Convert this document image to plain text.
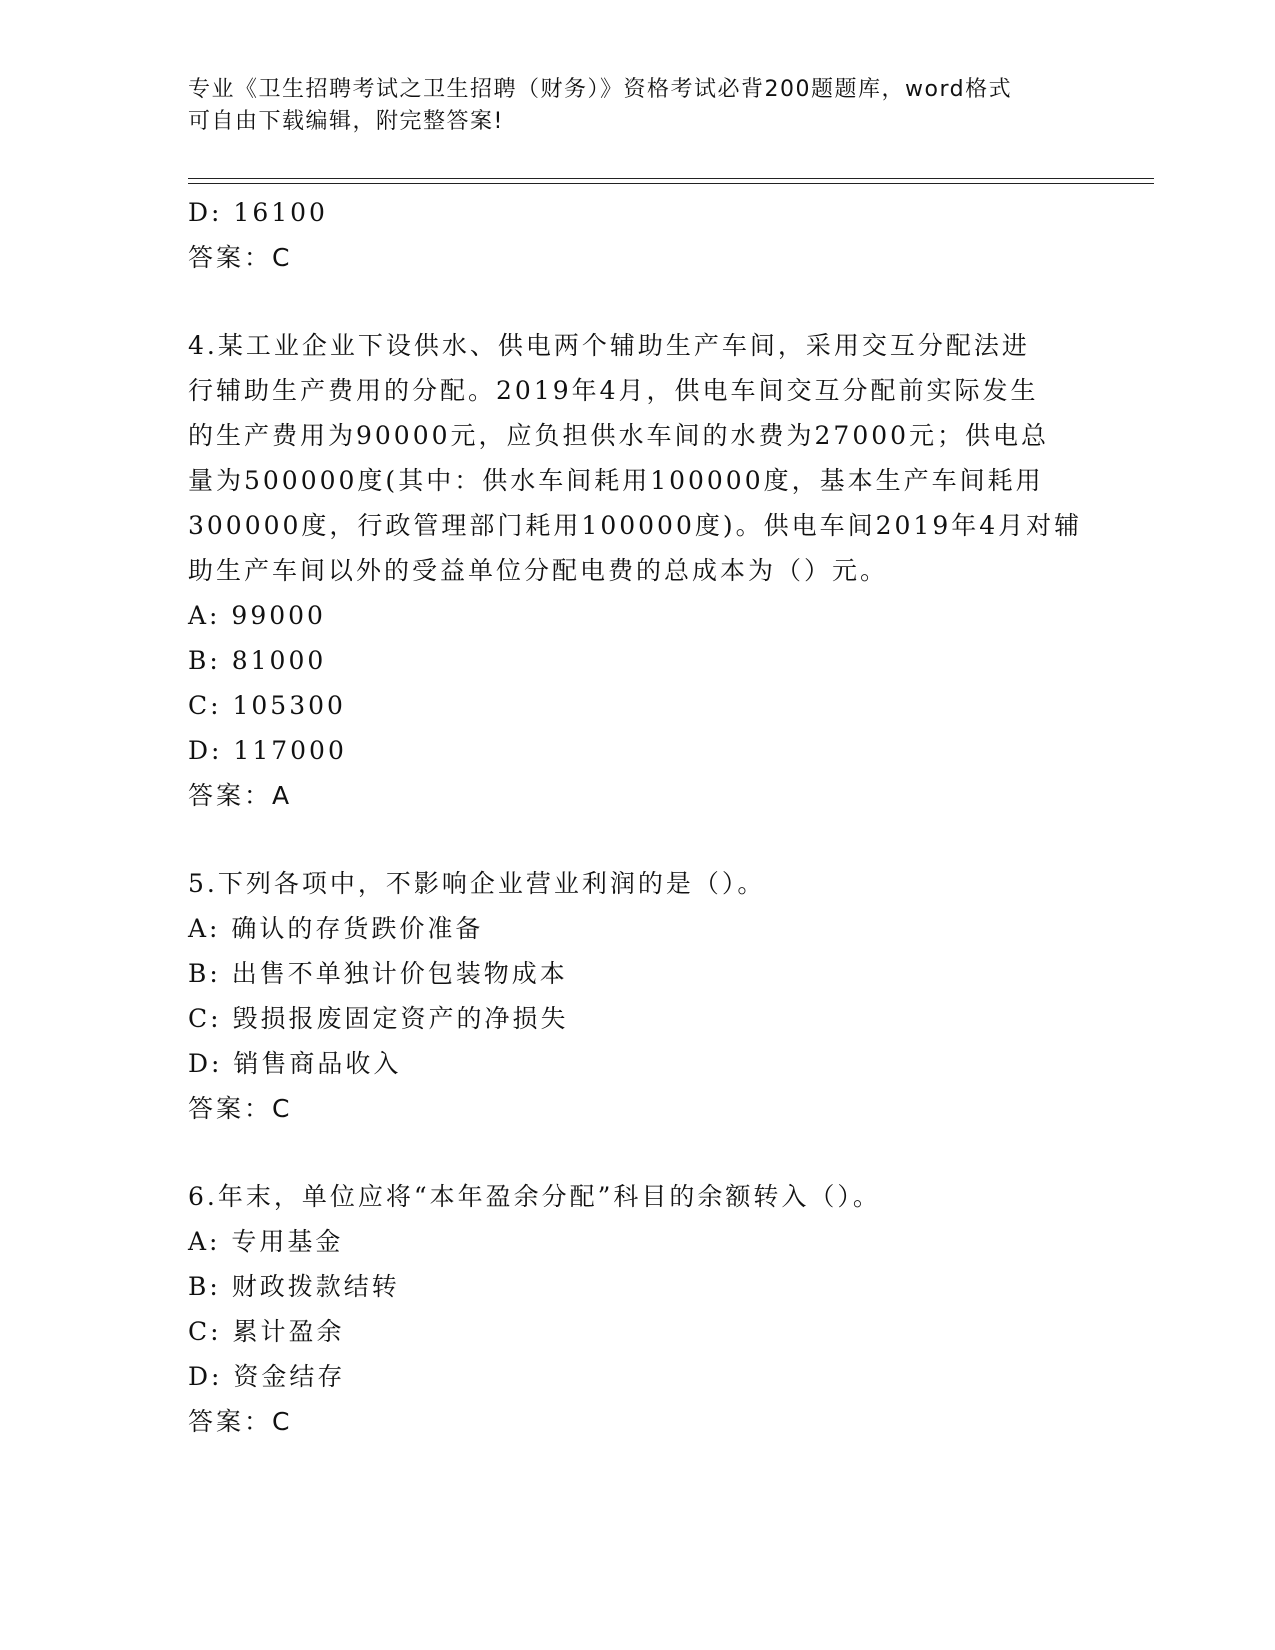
专业《卫生招聘考试之卫生招聘（财务）》资格考试必背200题题库，word格式
可自由下载编辑，附完整答案!
D: 16100
答案：C
4.某工业企业下设供水、供电两个辅助生产车间，采用交互分配法进
行辅助生产费用的分配。2019年4月，供电车间交互分配前实际发生
的生产费用为90000元，应负担供水车间的水费为27000元；供电总
量为500000度(其中：供水车间耗用100000度，基本生产车间耗用
300000度，行政管理部门耗用100000度)。供电车间2019年4月对辅
助生产车间以外的受益单位分配电费的总成本为（）元。
A: 99000
B: 81000
C: 105300
D: 117000
答案：A
5.下列各项中，不影响企业营业利润的是（）。
A: 确认的存货跌价准备
B: 出售不单独计价包装物成本
C: 毁损报废固定资产的净损失
D: 销售商品收入
答案：C
6.年末，单位应将“本年盈余分配”科目的余额转入（）。
A: 专用基金
B: 财政拨款结转
C: 累计盈余
D: 资金结存
答案：C
